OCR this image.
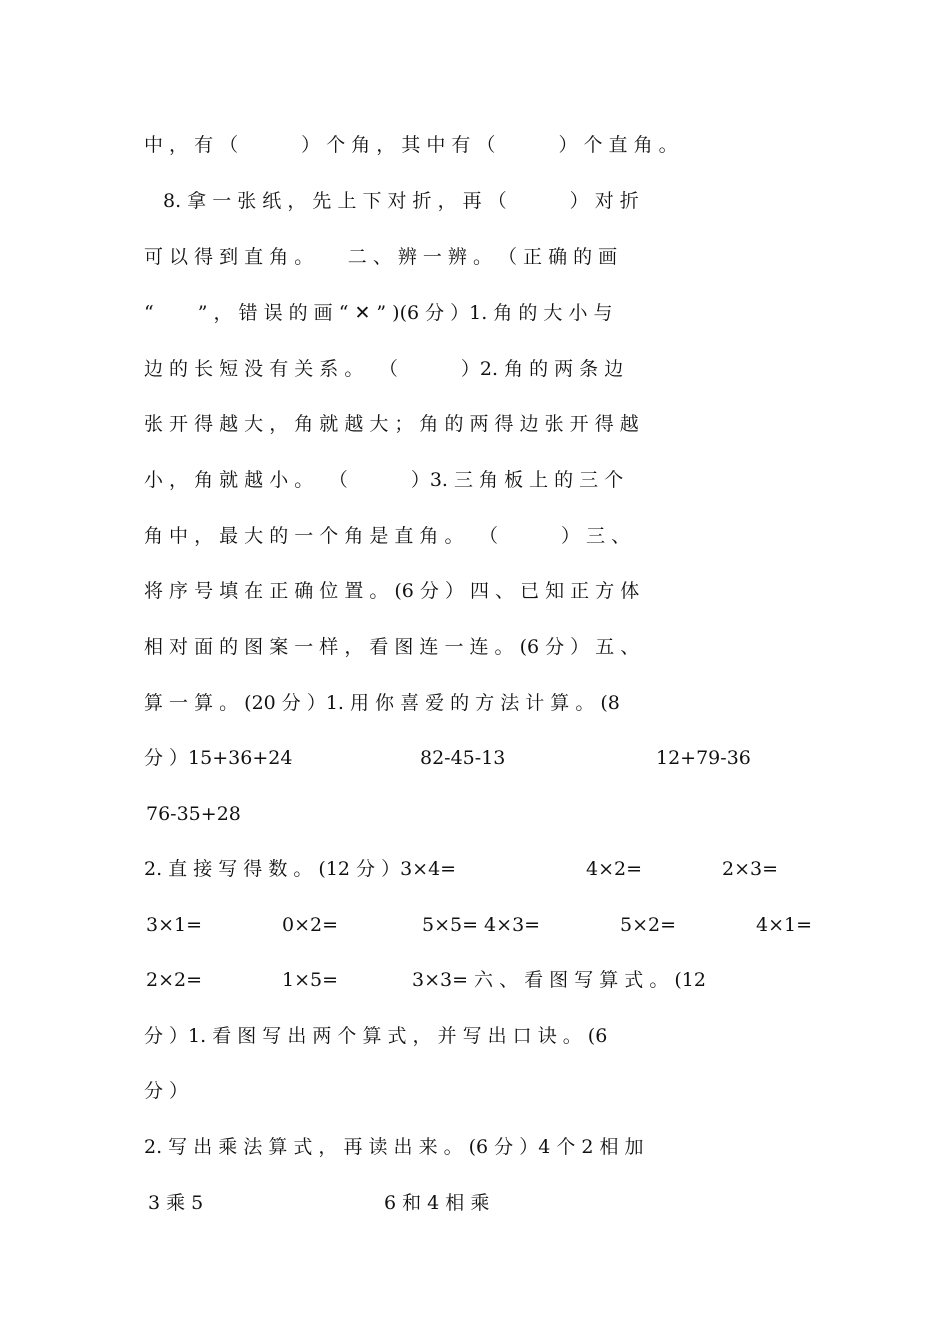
中 ， 有 （　　　 ） 个 角 ， 其 中 有 （　　　 ） 个 直 角 。
　8. 拿 一 张 纸 ， 先 上 下 对 折 ， 再 （　　　 ） 对 折
可 以 得 到 直 角 。　　 二 、 辨 一 辨 。 （ 正 确 的 画
“　　 ” ， 错 误 的 画 “ ✕ ” )(6 分 ）1. 角 的 大 小 与
边 的 长 短 没 有 关 系 。　 （　　　 ）2. 角 的 两 条 边
张 开 得 越 大 ， 角 就 越 大 ； 角 的 两 得 边 张 开 得 越
小 ， 角 就 越 小 。　 （　　　 ）3. 三 角 板 上 的 三 个
角 中 ， 最 大 的 一 个 角 是 直 角 。　 （　　　 ） 三 、
将 序 号 填 在 正 确 位 置 。 (6 分 ） 四 、 已 知 正 方 体
相 对 面 的 图 案 一 样 ， 看 图 连 一 连 。 (6 分 ） 五 、
算 一 算 。 (20 分 ）1. 用 你 喜 爱 的 方 法 计 算 。 (8

分 ）15+36+24

	82-45-13

	12+79-36

76-35+28

2. 直 接 写 得 数 。 (12 分 ）3×4=

	4×2=

	2×3=

3×1=

	0×2=

	5×5= 4×3=

	5×2=

	4×1=

2×2=

	1×5=

	3×3= 六 、 看 图 写 算 式 。 (12

分 ）1. 看 图 写 出 两 个 算 式 ， 并 写 出 口 诀 。 (6
分 ）
2. 写 出 乘 法 算 式 ， 再 读 出 来 。 (6 分 ）4 个 2 相 加

3 乘 5

	6 和 4 相 乘
